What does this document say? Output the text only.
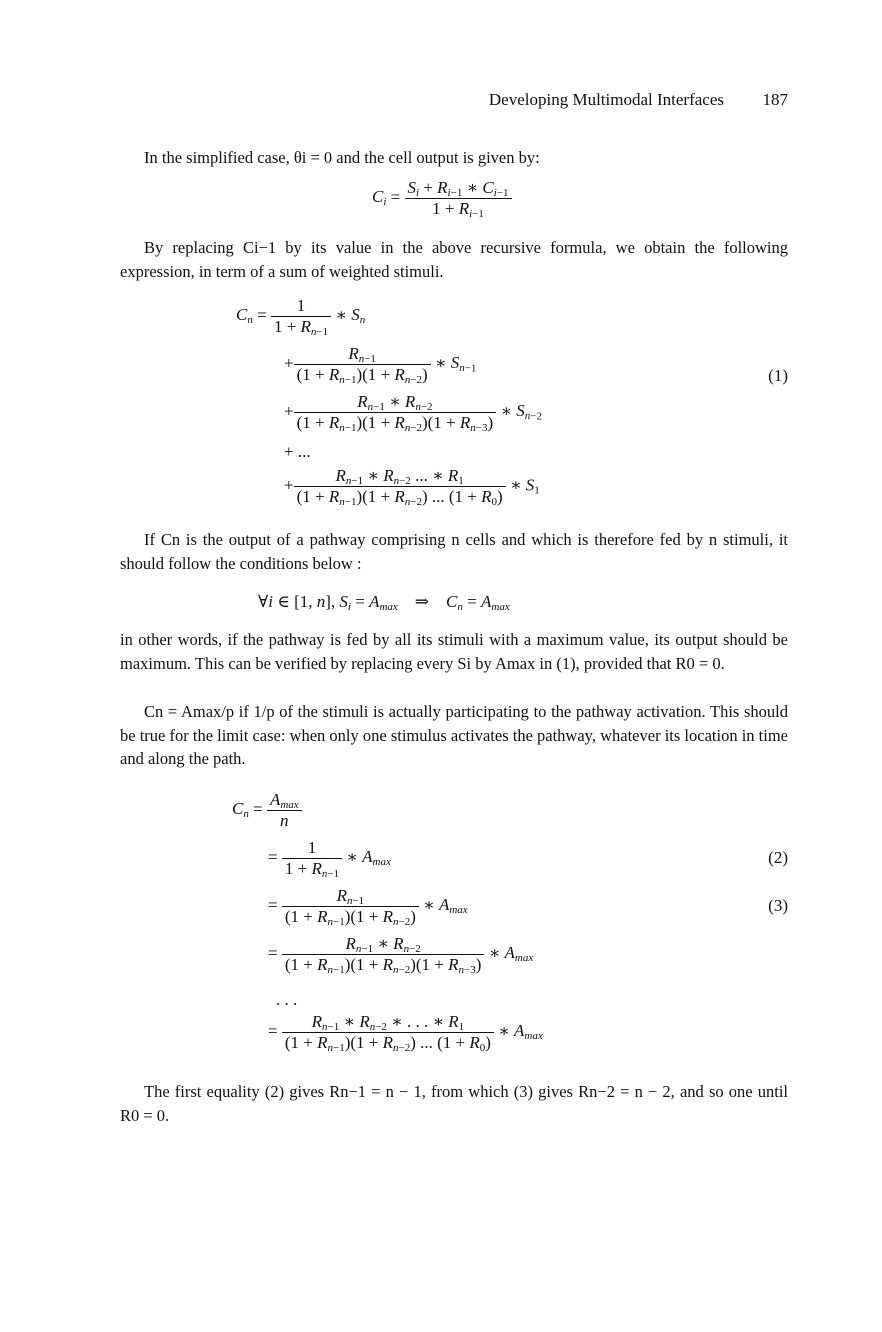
Developing Multimodal Interfaces 187
In the simplified case, θi = 0 and the cell output is given by:
$C_i = \frac{S_i + R_{i-1} ∗ C_{i-1}}{1 + R_{i-1}}$
By replacing Ci−1 by its value in the above recursive formula, we obtain the following expression, in term of a sum of weighted stimuli.
$C_n = \frac{1}{1 + R_{n-1}}$ ∗ $S_n$
+ $\frac{R_{n-1}}{(1 + R_{n-1})(1 + R_{n-2})}$ ∗ $S_{n-1}$
+ $\frac{R_{n-1} ∗ R_{n-2}}{(1 + R_{n-1})(1 + R_{n-2})(1 + R_{n-3})}$ ∗ $S_{n-2}$
+ ...
+ $\frac{R_{n-1} ∗ R_{n-2} ... ∗ R_1}{(1 + R_{n-1})(1 + R_{n-2}) ... (1 + R_0)}$ ∗ $S_1$
(1)
If Cn is the output of a pathway comprising n cells and which is therefore fed by n stimuli, it should follow the conditions below :
∀i ∈ [1, n], $S_i = A_{max}$    ⇒    $C_n = A_{max}$
in other words, if the pathway is fed by all its stimuli with a maximum value, its output should be maximum. This can be verified by replacing every Si by Amax in (1), provided that R0 = 0.
Cn = Amax/p if 1/p of the stimuli is actually participating to the pathway activation. This should be true for the limit case: when only one stimulus activates the pathway, whatever its location in time and along the path.
$C_n = \frac{A_{max}}{n}$
= $\frac{1}{1 + R_{n-1}}$ ∗ $A_{max}$
= $\frac{R_{n-1}}{(1 + R_{n-1})(1 + R_{n-2})}$ ∗ $A_{max}$
= $\frac{R_{n-1} ∗ R_{n-2}}{(1 + R_{n-1})(1 + R_{n-2})(1 + R_{n-3})}$ ∗ $A_{max}$
. . .
= $\frac{R_{n-1} ∗ R_{n-2} ∗ . . . ∗ R_1}{(1 + R_{n-1})(1 + R_{n-2}) ... (1 + R_0)}$ ∗ $A_{max}$
(2)
(3)
The first equality (2) gives Rn−1 = n − 1, from which (3) gives Rn−2 = n − 2, and so one until R0 = 0.
